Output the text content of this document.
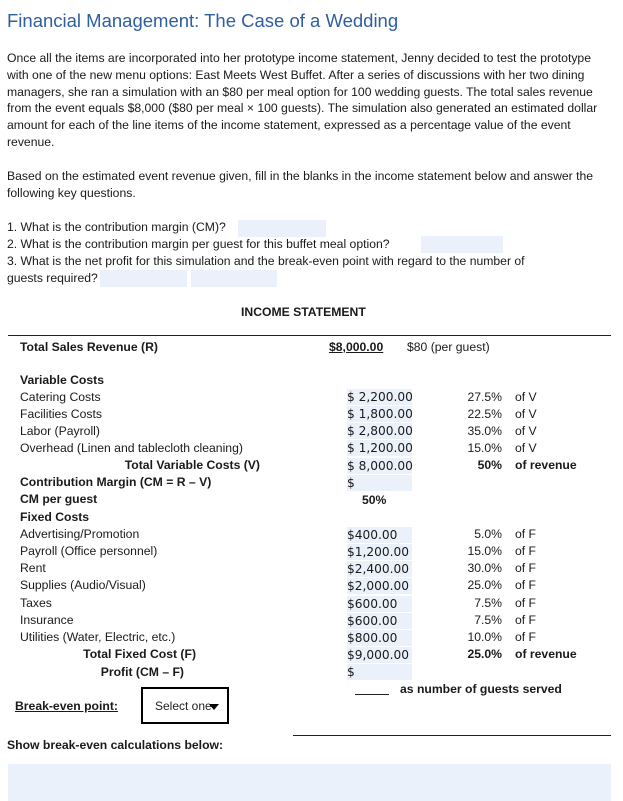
Financial Management: The Case of a Wedding

Once all the items are incorporated into her prototype income statement, Jenny decided to test the prototype with one of the new menu options: East Meets West Buffet. After a series of discussions with her two dining managers, she ran a simulation with an $80 per meal option for 100 wedding guests. The total sales revenue from the event equals $8,000 ($80 per meal × 100 guests). The simulation also generated an estimated dollar amount for each of the line items of the income statement, expressed as a percentage value of the event revenue.

Based on the estimated event revenue given, fill in the blanks in the income statement below and answer the following key questions.

1. What is the contribution margin (CM)?
2. What is the contribution margin per guest for this buffet meal option?
3. What is the net profit for this simulation and the break-even point with regard to the number of
guests required?
INCOME STATEMENT
Total Sales Revenue (R)	$8,000.00 $80 (per guest)
Variable Costs
Catering Costs	$ 2,200.00	27.5% of V
Facilities Costs	$ 1,800.00	22.5% of V
Labor (Payroll)	$ 2,800.00	35.0% of V
Overhead (Linen and tablecloth cleaning)	$ 1,200.00	15.0% of V
Total Variable Costs (V)	$ 8,000.00	50% of revenue
Contribution Margin (CM = R – V)	$
CM per guest	50%
Fixed Costs
Advertising/Promotion	$400.00	5.0% of F
Payroll (Office personnel)	$1,200.00	15.0% of F
Rent	$2,400.00	30.0% of F
Supplies (Audio/Visual)	$2,000.00	25.0% of F
Taxes	$600.00	7.5% of F
Insurance	$600.00	7.5% of F
Utilities (Water, Electric, etc.)	$800.00	10.0% of F
Total Fixed Cost (F)	$9,000.00	25.0% of revenue
Profit (CM – F)	$
as number of guests served
Break-even point:	Select one
Show break-even calculations below:
